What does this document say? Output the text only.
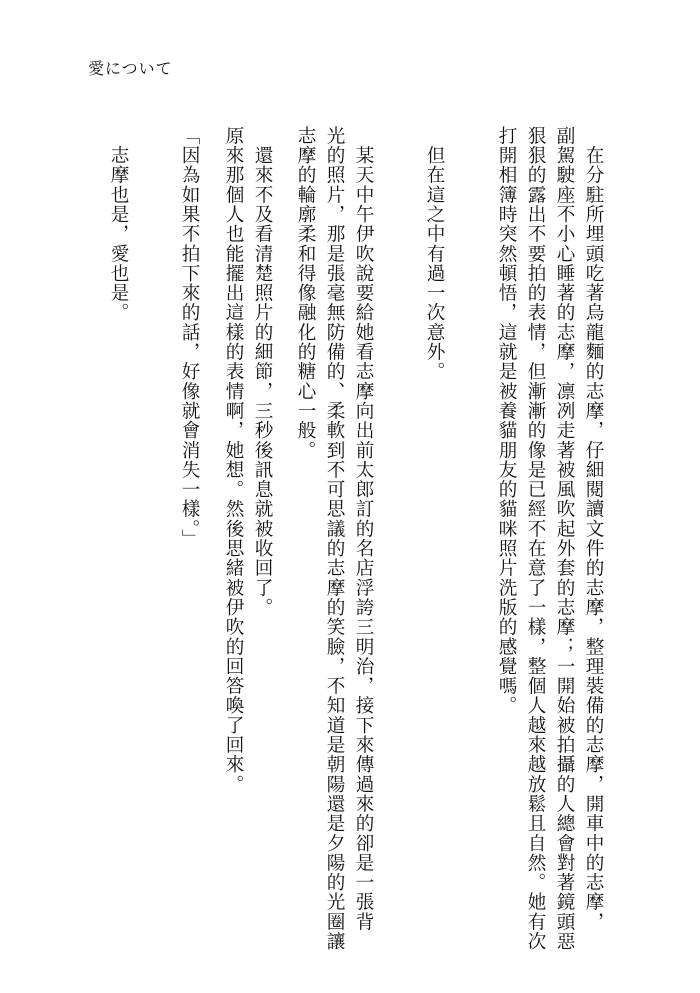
愛について
　在分駐所埋頭吃著烏龍麵的志摩，仔細閱讀文件的志摩，整理裝備的志摩，開車中的志摩，
副駕駛座不小心睡著的志摩，凛冽走著被風吹起外套的志摩；一開始被拍攝的人總會對著鏡頭惡
狠狠的露出不要拍的表情，但漸漸的像是已經不在意了一樣，整個人越來越放鬆且自然。她有次
打開相簿時突然頓悟，這就是被養貓朋友的貓咪照片洗版的感覺嗎。
　但在這之中有過一次意外。
　某天中午伊吹說要給她看志摩向出前太郎訂的名店浮誇三明治，接下來傳過來的卻是一張背
光的照片，那是張毫無防備的、柔軟到不可思議的志摩的笑臉，不知道是朝陽還是夕陽的光圈讓
志摩的輪廓柔和得像融化的糖心一般。
　還來不及看清楚照片的細節，三秒後訊息就被收回了。
原來那個人也能擺出這樣的表情啊，她想。然後思緒被伊吹的回答喚了回來。
「因為如果不拍下來的話，好像就會消失一樣。」
　志摩也是，愛也是。
